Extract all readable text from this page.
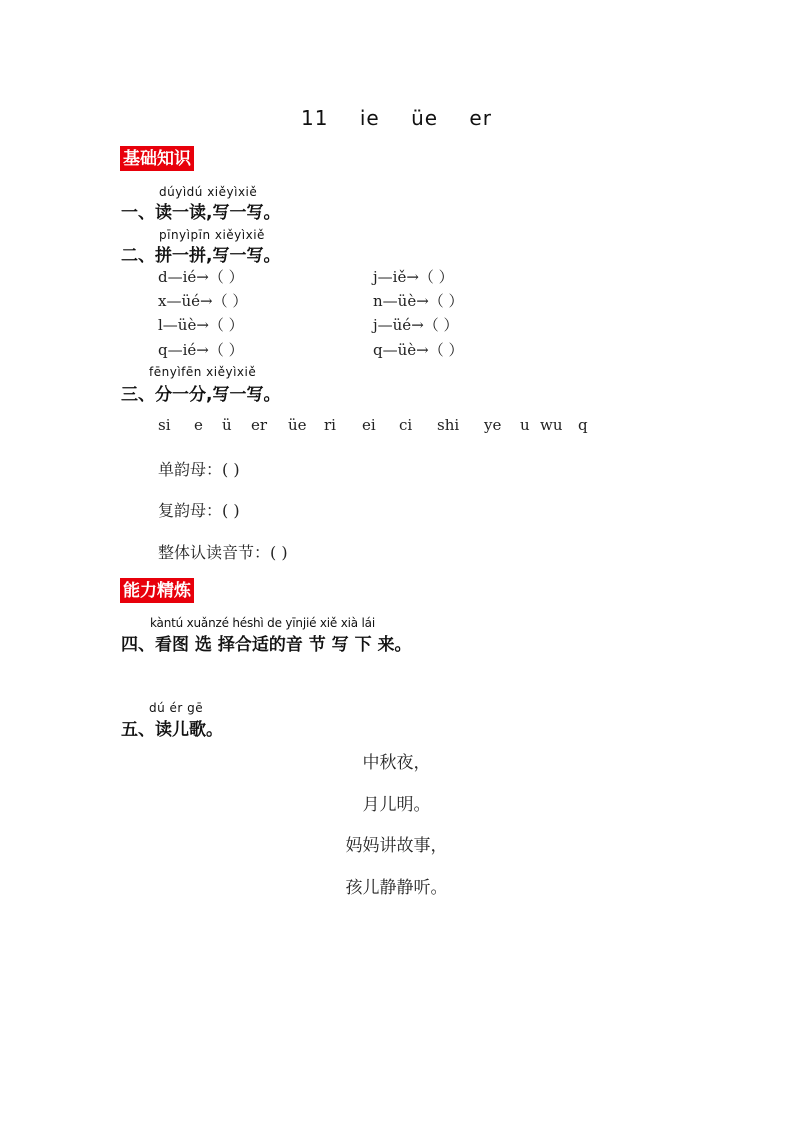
11 ie üe er
基础知识
dúyìdú xiěyìxiě
一、读一读,写一写。
pīnyìpīn xiěyìxiě
二、拼一拼,写一写。
d—ié→（ ）	j—iě→（ ）
x—üé→（ ）	n—üè→（ ）
l—üè→（ ）	j—üé→（ ）
q—ié→（ ）	q—üè→（ ）
fēnyìfēn xiěyìxiě
三、分一分,写一写。
si e ü er üe ri ei ci shi ye u wu q
单韵母：( )
复韵母：( )
整体认读音节：( )
能力精炼
kàntú xuǎnzé héshì de yīnjié xiě xià lái
四、看图 选 择合适的音 节 写 下 来。
dú ér gē
五、读儿歌。
中秋夜，
月儿明。
妈妈讲故事，
孩儿静静听。
